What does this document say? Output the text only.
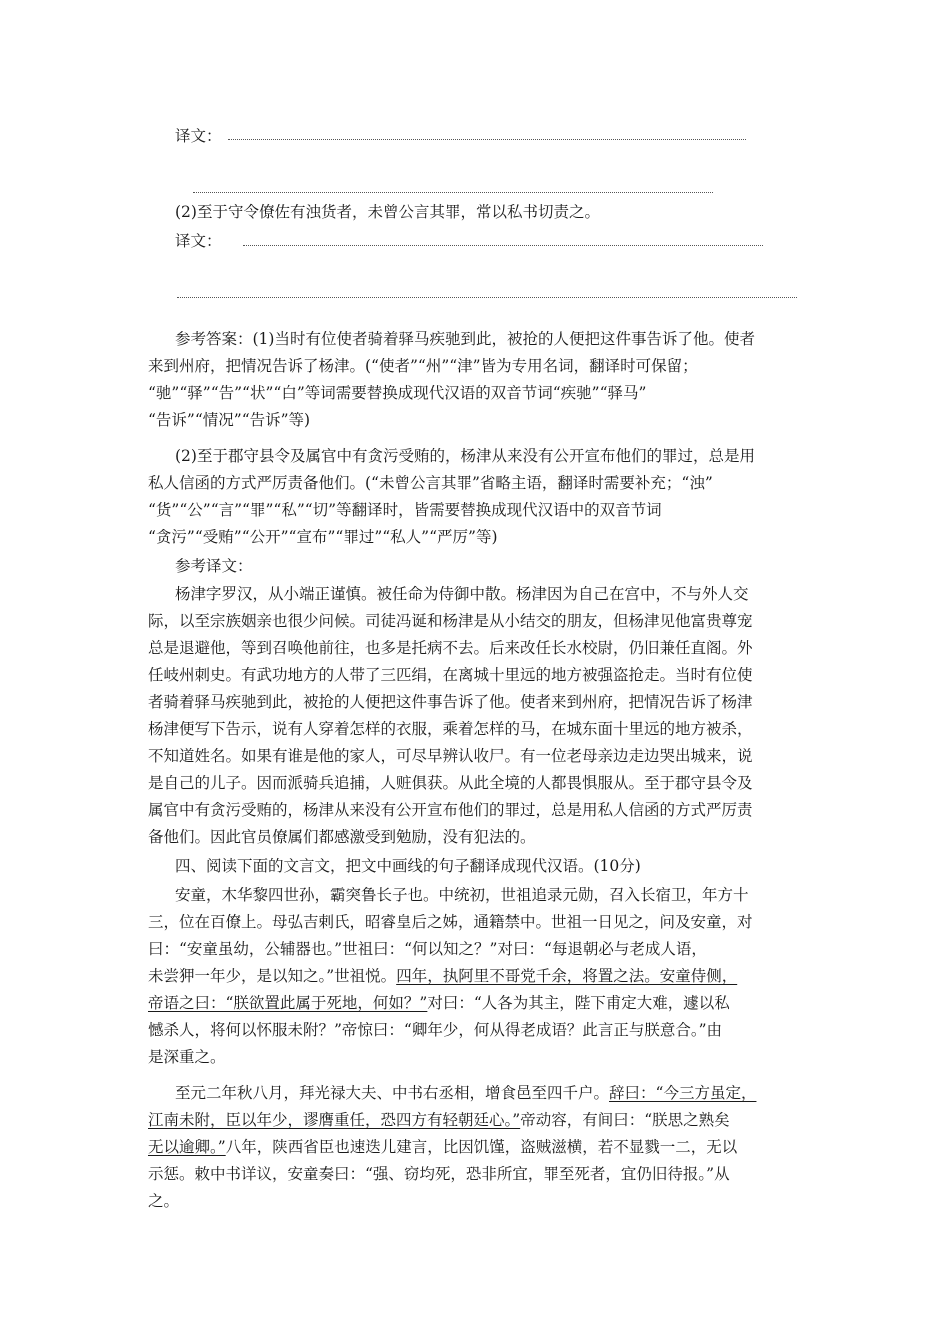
译文：
(2)至于守令僚佐有浊货者，未曾公言其罪，常以私书切责之。
译文：
参考答案：(1)当时有位使者骑着驿马疾驰到此，被抢的人便把这件事告诉了他。使者
来到州府，把情况告诉了杨津。(“使者”“州”“津”皆为专用名词，翻译时可保留；
“驰”“驿”“告”“状”“白”等词需要替换成现代汉语的双音节词“疾驰”“驿马”
“告诉”“情况”“告诉”等)
(2)至于郡守县令及属官中有贪污受贿的，杨津从来没有公开宣布他们的罪过，总是用
私人信函的方式严厉责备他们。(“未曾公言其罪”省略主语，翻译时需要补充；“浊”
“货”“公”“言”“罪”“私”“切”等翻译时，皆需要替换成现代汉语中的双音节词
“贪污”“受贿”“公开”“宣布”“罪过”“私人”“严厉”等)
参考译文：
杨津字罗汉，从小端正谨慎。被任命为侍御中散。杨津因为自己在宫中，不与外人交
际，以至宗族姻亲也很少问候。司徒冯诞和杨津是从小结交的朋友，但杨津见他富贵尊宠
总是退避他，等到召唤他前往，也多是托病不去。后来改任长水校尉，仍旧兼任直阁。外
任岐州刺史。有武功地方的人带了三匹绢，在离城十里远的地方被强盗抢走。当时有位使
者骑着驿马疾驰到此，被抢的人便把这件事告诉了他。使者来到州府，把情况告诉了杨津
杨津便写下告示，说有人穿着怎样的衣服，乘着怎样的马，在城东面十里远的地方被杀，
不知道姓名。如果有谁是他的家人，可尽早辨认收尸。有一位老母亲边走边哭出城来，说
是自己的儿子。因而派骑兵追捕，人赃俱获。从此全境的人都畏惧服从。至于郡守县令及
属官中有贪污受贿的，杨津从来没有公开宣布他们的罪过，总是用私人信函的方式严厉责
备他们。因此官员僚属们都感激受到勉励，没有犯法的。
四、阅读下面的文言文，把文中画线的句子翻译成现代汉语。(10分)
安童，木华黎四世孙，霸突鲁长子也。中统初，世祖追录元勋，召入长宿卫，年方十
三，位在百僚上。母弘吉剌氏，昭睿皇后之姊，通籍禁中。世祖一日见之，问及安童，对
曰：“安童虽幼，公辅器也。”世祖曰：“何以知之？”对曰：“每退朝必与老成人语，
未尝狎一年少，是以知之。”世祖悦。四年，执阿里不哥党千余，将置之法。安童侍侧，
帝语之曰：“朕欲置此属于死地，何如？”对曰：“人各为其主，陛下甫定大难，遽以私
憾杀人，将何以怀服未附？”帝惊曰：“卿年少，何从得老成语？此言正与朕意合。”由
是深重之。
至元二年秋八月，拜光禄大夫、中书右丞相，增食邑至四千户。辞曰：“今三方虽定，
江南未附，臣以年少，谬膺重任，恐四方有轻朝廷心。”帝动容，有间曰：“朕思之熟矣
无以逾卿。”八年，陕西省臣也速迭儿建言，比因饥馑，盗贼滋横，若不显戮一二，无以
示惩。敕中书详议，安童奏曰：“强、窃均死，恐非所宜，罪至死者，宜仍旧待报。”从
之。
